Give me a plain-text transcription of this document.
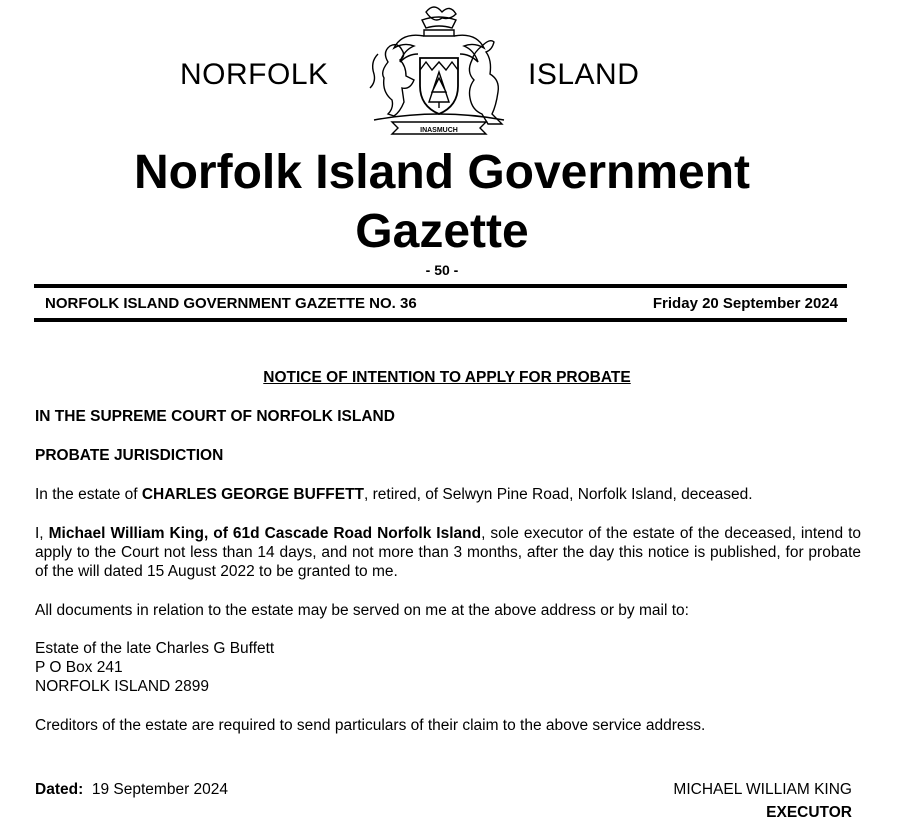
NORFOLK
INASMUCH
ISLAND
Norfolk Island Government
Gazette
- 50 -
NORFOLK ISLAND GOVERNMENT GAZETTE NO. 36	Friday 20 September 2024
NOTICE OF INTENTION TO APPLY FOR PROBATE
IN THE SUPREME COURT OF NORFOLK ISLAND
PROBATE JURISDICTION
In the estate of CHARLES GEORGE BUFFETT, retired, of Selwyn Pine Road, Norfolk Island, deceased.
I, Michael William King, of 61d Cascade Road Norfolk Island, sole executor of the estate of the deceased, intend to apply to the Court not less than 14 days, and not more than 3 months, after the day this notice is published, for probate of the will dated 15 August 2022 to be granted to me.
All documents in relation to the estate may be served on me at the above address or by mail to:
Estate of the late Charles G Buffett
P O Box 241
NORFOLK ISLAND 2899
Creditors of the estate are required to send particulars of their claim to the above service address.
Dated: 19 September 2024	MICHAEL WILLIAM KING
EXECUTOR
